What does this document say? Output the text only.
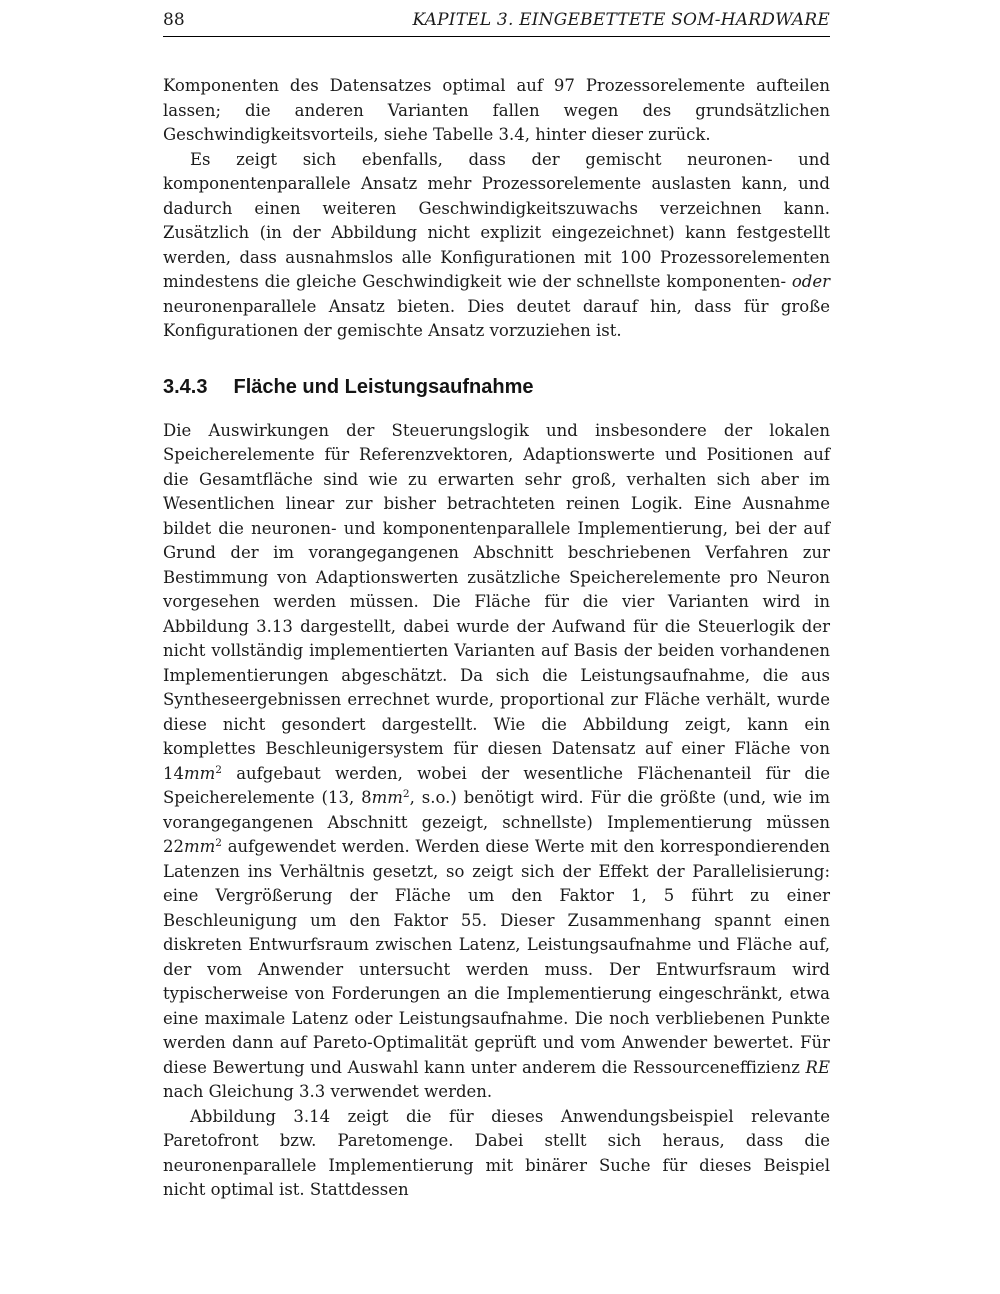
88	KAPITEL 3. EINGEBETTETE SOM-HARDWARE

Komponenten des Datensatzes optimal auf 97 Prozessorelemente aufteilen lassen; die anderen Varianten fallen wegen des grundsätzlichen Geschwindigkeitsvorteils, siehe Tabelle 3.4, hinter dieser zurück.

Es zeigt sich ebenfalls, dass der gemischt neuronen- und komponentenparallele Ansatz mehr Prozessorelemente auslasten kann, und dadurch einen weiteren Geschwindigkeitszuwachs verzeichnen kann. Zusätzlich (in der Abbildung nicht explizit eingezeichnet) kann festgestellt werden, dass ausnahmslos alle Konfigurationen mit 100 Prozessorelementen mindestens die gleiche Geschwindigkeit wie der schnellste komponenten- oder neuronenparallele Ansatz bieten. Dies deutet darauf hin, dass für große Konfigurationen der gemischte Ansatz vorzuziehen ist.

3.4.3 Fläche und Leistungsaufnahme

Die Auswirkungen der Steuerungslogik und insbesondere der lokalen Speicherelemente für Referenzvektoren, Adaptionswerte und Positionen auf die Gesamtfläche sind wie zu erwarten sehr groß, verhalten sich aber im Wesentlichen linear zur bisher betrachteten reinen Logik. Eine Ausnahme bildet die neuronen- und komponentenparallele Implementierung, bei der auf Grund der im vorangegangenen Abschnitt beschriebenen Verfahren zur Bestimmung von Adaptionswerten zusätzliche Speicherelemente pro Neuron vorgesehen werden müssen. Die Fläche für die vier Varianten wird in Abbildung 3.13 dargestellt, dabei wurde der Aufwand für die Steuerlogik der nicht vollständig implementierten Varianten auf Basis der beiden vorhandenen Implementierungen abgeschätzt. Da sich die Leistungsaufnahme, die aus Syntheseergebnissen errechnet wurde, proportional zur Fläche verhält, wurde diese nicht gesondert dargestellt. Wie die Abbildung zeigt, kann ein komplettes Beschleunigersystem für diesen Datensatz auf einer Fläche von $14mm^2$ aufgebaut werden, wobei der wesentliche Flächenanteil für die Speicherelemente (13, $8mm^2$, s.o.) benötigt wird. Für die größte (und, wie im vorangegangenen Abschnitt gezeigt, schnellste) Implementierung müssen $22mm^2$ aufgewendet werden. Werden diese Werte mit den korrespondierenden Latenzen ins Verhältnis gesetzt, so zeigt sich der Effekt der Parallelisierung: eine Vergrößerung der Fläche um den Faktor 1, 5 führt zu einer Beschleunigung um den Faktor 55. Dieser Zusammenhang spannt einen diskreten Entwurfsraum zwischen Latenz, Leistungsaufnahme und Fläche auf, der vom Anwender untersucht werden muss. Der Entwurfsraum wird typischerweise von Forderungen an die Implementierung eingeschränkt, etwa eine maximale Latenz oder Leistungsaufnahme. Die noch verbliebenen Punkte werden dann auf Pareto-Optimalität geprüft und vom Anwender bewertet. Für diese Bewertung und Auswahl kann unter anderem die Ressourceneffizienz RE nach Gleichung 3.3 verwendet werden.

Abbildung 3.14 zeigt die für dieses Anwendungsbeispiel relevante Paretofront bzw. Paretomenge. Dabei stellt sich heraus, dass die neuronenparallele Implementierung mit binärer Suche für dieses Beispiel nicht optimal ist. Stattdessen
